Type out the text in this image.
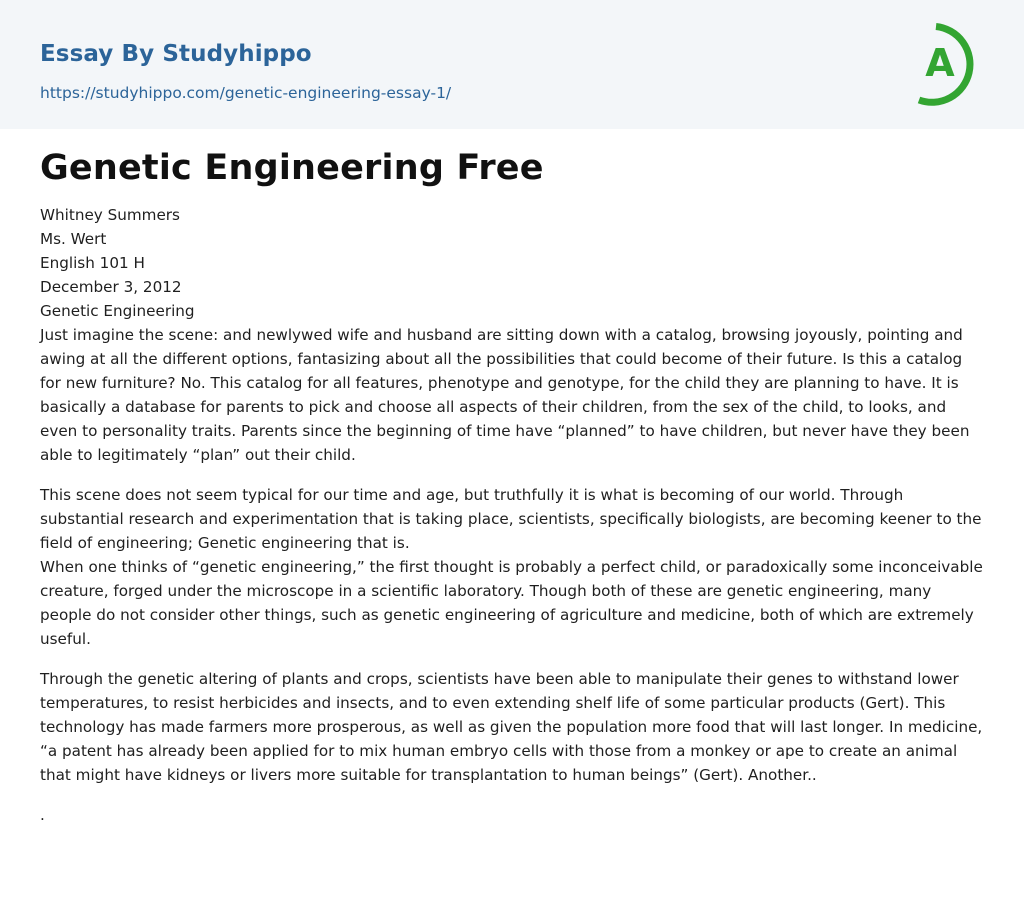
Essay By Studyhippo
https://studyhippo.com/genetic-engineering-essay-1/
A
Genetic Engineering Free
Whitney Summers
Ms. Wert
English 101 H
December 3, 2012
Genetic Engineering

Just imagine the scene: and newlywed wife and husband are sitting down with a catalog, browsing joyously, pointing and awing at all the different options, fantasizing about all the possibilities that could become of their future. Is this a catalog for new furniture? No. This catalog for all features, phenotype and genotype, for the child they are planning to have. It is basically a database for parents to pick and choose all aspects of their children, from the sex of the child, to looks, and even to personality traits. Parents since the beginning of time have “planned” to have children, but never have they been able to legitimately “plan” out their child.

This scene does not seem typical for our time and age, but truthfully it is what is becoming of our world. Through substantial research and experimentation that is taking place, scientists, specifically biologists, are becoming keener to the field of engineering; Genetic engineering that is.

When one thinks of “genetic engineering,” the first thought is probably a perfect child, or paradoxically some inconceivable creature, forged under the microscope in a scientific laboratory. Though both of these are genetic engineering, many people do not consider other things, such as genetic engineering of agriculture and medicine, both of which are extremely useful.

Through the genetic altering of plants and crops, scientists have been able to manipulate their genes to withstand lower temperatures, to resist herbicides and insects, and to even extending shelf life of some particular products (Gert). This technology has made farmers more prosperous, as well as given the population more food that will last longer. In medicine, “a patent has already been applied for to mix human embryo cells with those from a monkey or ape to create an animal that might have kidneys or livers more suitable for transplantation to human beings” (Gert). Another..

.
